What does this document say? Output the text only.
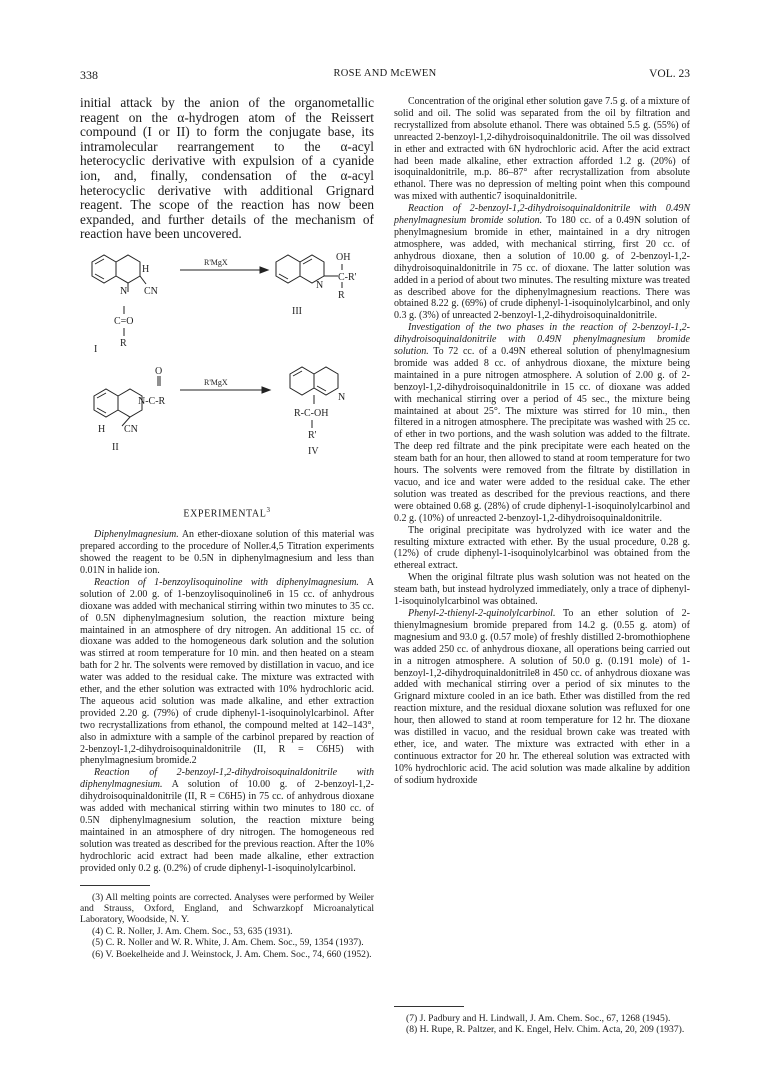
338	ROSE AND McEWEN	VOL. 23

initial attack by the anion of the organometallic reagent on the α-hydrogen atom of the Reissert compound (I or II) to form the conjugate base, its intramolecular rearrangement to the α-acyl heterocyclic derivative with expulsion of a cyanide ion, and, finally, condensation of the α-acyl heterocyclic derivative with additional Grignard reagent. The scope of the reaction has now been expanded, and further details of the mechanism of reaction have been uncovered.

H
N CN
C=O
R
I
R'MgX	OH
N
C-R'
R
III
O
N-C-R
H CN
II
R'MgX
N
R-C-OH
R'
IV
EXPERIMENTAL$^3$

Diphenylmagnesium. An ether-dioxane solution of this material was prepared according to the procedure of Noller.4,5 Titration experiments showed the reagent to be 0.5N in diphenylmagnesium and less than 0.01N in halide ion.

Reaction of 1-benzoylisoquinoline with diphenylmagnesium. A solution of 2.00 g. of 1-benzoylisoquinoline6 in 15 cc. of anhydrous dioxane was added with mechanical stirring within two minutes to 35 cc. of 0.5N diphenylmagnesium solution, the reaction mixture being maintained in an atmosphere of dry nitrogen. An additional 15 cc. of dioxane was added to the homogeneous dark solution and the solution was stirred at room temperature for 10 min. and then heated on a steam bath for 2 hr. The solvents were removed by distillation in vacuo, and ice water was added to the residual cake. The mixture was extracted with ether, and the ether solution was extracted with 10% hydrochloric acid. The aqueous acid solution was made alkaline, and ether extraction provided 2.20 g. (79%) of crude diphenyl-1-isoquinolylcarbinol. After two recrystallizations from ethanol, the compound melted at 142–143°, also in admixture with a sample of the carbinol prepared by reaction of 2-benzoyl-1,2-dihydroisoquinaldonitrile (II, R = C6H5) with phenylmagnesium bromide.2

Reaction of 2-benzoyl-1,2-dihydroisoquinaldonitrile with diphenylmagnesium. A solution of 10.00 g. of 2-benzoyl-1,2-dihydroisoquinaldonitrile (II, R = C6H5) in 75 cc. of anhydrous dioxane was added with mechanical stirring within two minutes to 180 cc. of 0.5N diphenylmagnesium solution, the reaction mixture being maintained in an atmosphere of dry nitrogen. The homogeneous red solution was treated as described for the previous reaction. After the 10% hydrochloric acid extract had been made alkaline, ether extraction provided only 0.2 g. (0.2%) of crude diphenyl-1-isoquinolylcarbinol.

(3) All melting points are corrected. Analyses were performed by Weiler and Strauss, Oxford, England, and Schwarzkopf Microanalytical Laboratory, Woodside, N. Y.

(4) C. R. Noller, J. Am. Chem. Soc., 53, 635 (1931).

(5) C. R. Noller and W. R. White, J. Am. Chem. Soc., 59, 1354 (1937).

(6) V. Boekelheide and J. Weinstock, J. Am. Chem. Soc., 74, 660 (1952).

Concentration of the original ether solution gave 7.5 g. of a mixture of solid and oil. The solid was separated from the oil by filtration and recrystallized from absolute ethanol. There was obtained 5.5 g. (55%) of unreacted 2-benzoyl-1,2-dihydroisoquinaldonitrile. The oil was dissolved in ether and extracted with 6N hydrochloric acid. After the acid extract had been made alkaline, ether extraction afforded 1.2 g. (20%) of isoquinaldonitrile, m.p. 86–87° after recrystallization from absolute ethanol. There was no depression of melting point when this compound was mixed with authentic7 isoquinaldonitrile.

Reaction of 2-benzoyl-1,2-dihydroisoquinaldonitrile with 0.49N phenylmagnesium bromide solution. To 180 cc. of a 0.49N solution of phenylmagnesium bromide in ether, maintained in a dry nitrogen atmosphere, was added, with mechanical stirring, first 20 cc. of anhydrous dioxane, then a solution of 10.00 g. of 2-benzoyl-1,2-dihydroisoquinaldonitrile in 75 cc. of dioxane. The latter solution was added in a period of about two minutes. The resulting mixture was treated as described above for the diphenylmagnesium reactions. There was obtained 8.22 g. (69%) of crude diphenyl-1-isoquinolylcarbinol, and only 0.3 g. (3%) of unreacted 2-benzoyl-1,2-dihydroisoquinaldonitrile.

Investigation of the two phases in the reaction of 2-benzoyl-1,2-dihydroisoquinaldonitrile with 0.49N phenylmagnesium bromide solution. To 72 cc. of a 0.49N ethereal solution of phenylmagnesium bromide was added 8 cc. of anhydrous dioxane, the mixture being maintained in a pure nitrogen atmosphere. A solution of 2.00 g. of 2-benzoyl-1,2-dihydroisoquinaldonitrile in 15 cc. of dioxane was added with mechanical stirring over a period of 45 sec., the mixture being maintained at about 25°. The mixture was stirred for 10 min., then filtered in a nitrogen atmosphere. The precipitate was washed with 25 cc. of ether in two portions, and the wash solution was added to the filtrate. The deep red filtrate and the pink precipitate were each heated on the steam bath for an hour, then allowed to stand at room temperature for two hours. The solvents were removed from the filtrate by distillation in vacuo, and ice and water were added to the residual cake. The ether solution was treated as described for the previous reactions, and there were obtained 0.68 g. (28%) of crude diphenyl-1-isoquinolylcarbinol and 0.2 g. (10%) of unreacted 2-benzoyl-1,2-dihydroisoquinaldonitrile.

The original precipitate was hydrolyzed with ice water and the resulting mixture extracted with ether. By the usual procedure, 0.28 g. (12%) of crude diphenyl-1-isoquinolylcarbinol was obtained from the ethereal extract.

When the original filtrate plus wash solution was not heated on the steam bath, but instead hydrolyzed immediately, only a trace of diphenyl-1-isoquinolylcarbinol was obtained.

Phenyl-2-thienyl-2-quinolylcarbinol. To an ether solution of 2-thienylmagnesium bromide prepared from 14.2 g. (0.55 g. atom) of magnesium and 93.0 g. (0.57 mole) of freshly distilled 2-bromothiophene was added 250 cc. of anhydrous dioxane, all operations being carried out in a nitrogen atmosphere. A solution of 50.0 g. (0.191 mole) of 1-benzoyl-1,2-dihydroquinaldonitrile8 in 450 cc. of anhydrous dioxane was added with mechanical stirring over a period of six minutes to the Grignard mixture cooled in an ice bath. Ether was distilled from the red reaction mixture, and the residual dioxane solution was refluxed for one hour, then allowed to stand at room temperature for 12 hr. The dioxane was distilled in vacuo, and the residual brown cake was treated with ether, ice, and water. The mixture was extracted with ether in a continuous extractor for 20 hr. The ethereal solution was extracted with 10% hydrochloric acid. The acid solution was made alkaline by addition of sodium hydroxide

(7) J. Padbury and H. Lindwall, J. Am. Chem. Soc., 67, 1268 (1945).

(8) H. Rupe, R. Paltzer, and K. Engel, Helv. Chim. Acta, 20, 209 (1937).
